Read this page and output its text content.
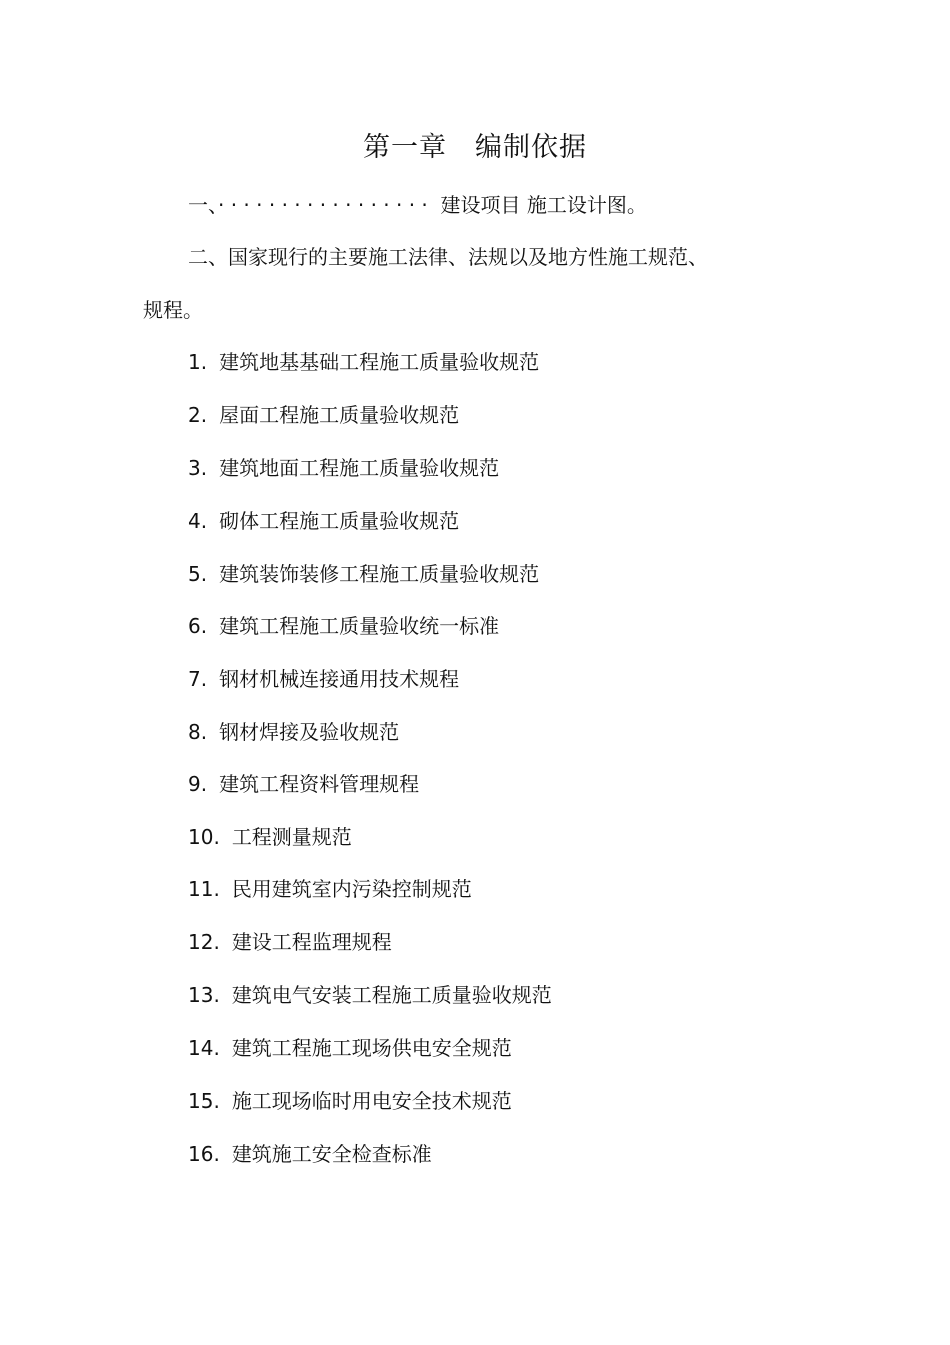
第一章　编制依据
一、· · · · · · · · · · · · · · · · ·  建设项目 施工设计图。
二、国家现行的主要施工法律、法规以及地方性施工规范、
规程。
1. 建筑地基基础工程施工质量验收规范
2. 屋面工程施工质量验收规范
3. 建筑地面工程施工质量验收规范
4. 砌体工程施工质量验收规范
5. 建筑装饰装修工程施工质量验收规范
6. 建筑工程施工质量验收统一标准
7. 钢材机械连接通用技术规程
8. 钢材焊接及验收规范
9. 建筑工程资料管理规程
10. 工程测量规范
11. 民用建筑室内污染控制规范
12. 建设工程监理规程
13. 建筑电气安装工程施工质量验收规范
14. 建筑工程施工现场供电安全规范
15. 施工现场临时用电安全技术规范
16. 建筑施工安全检查标准
